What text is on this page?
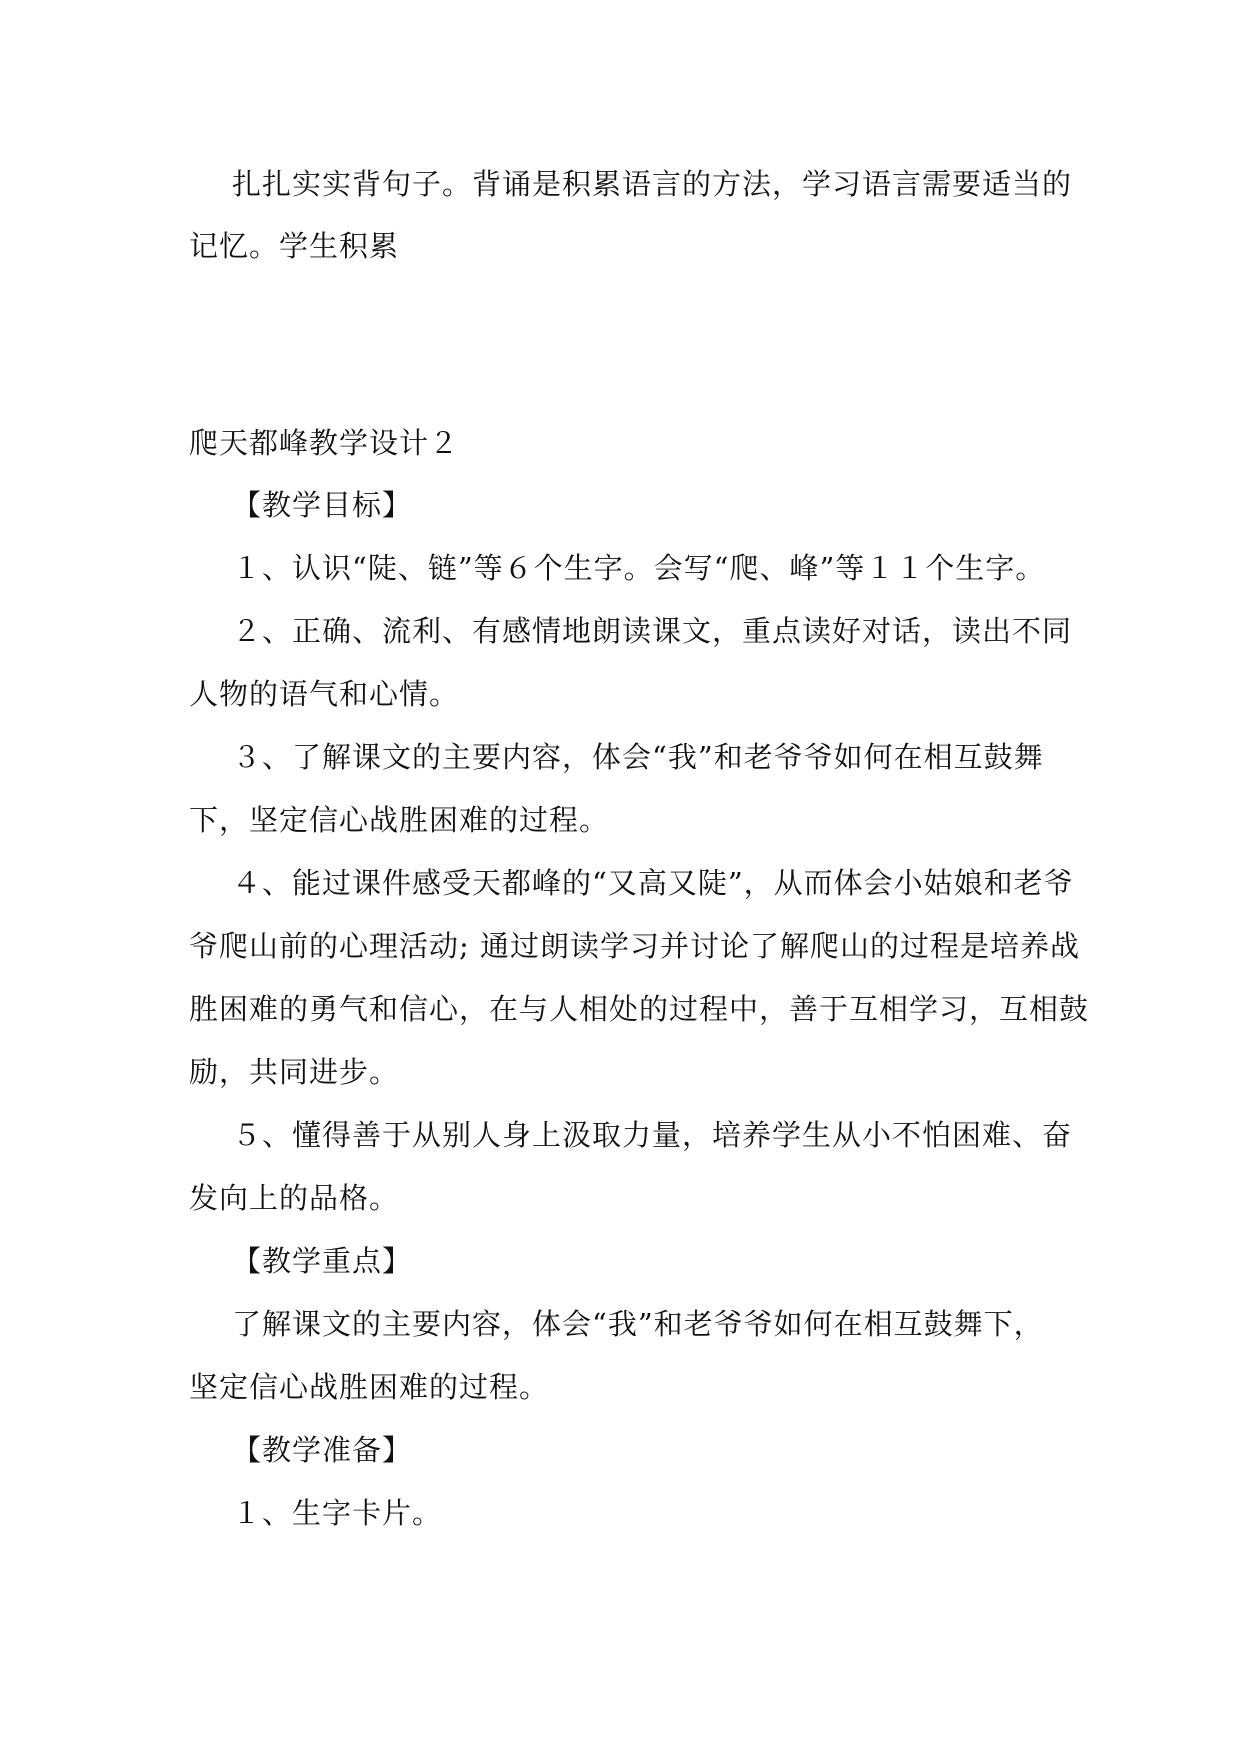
扎扎实实背句子。背诵是积累语言的方法，学习语言需要适当的
记忆。学生积累
爬天都峰教学设计２
【教学目标】
１、认识“陡、链”等６个生字。会写“爬、峰”等１１个生字。
２、正确、流利、有感情地朗读课文，重点读好对话，读出不同
人物的语气和心情。
３、了解课文的主要内容，体会“我”和老爷爷如何在相互鼓舞
下，坚定信心战胜困难的过程。
４、能过课件感受天都峰的“又高又陡”，从而体会小姑娘和老爷
爷爬山前的心理活动; 通过朗读学习并讨论了解爬山的过程是培养战
胜困难的勇气和信心，在与人相处的过程中，善于互相学习，互相鼓
励，共同进步。
５、懂得善于从别人身上汲取力量，培养学生从小不怕困难、奋
发向上的品格。
【教学重点】
了解课文的主要内容，体会“我”和老爷爷如何在相互鼓舞下，
坚定信心战胜困难的过程。
【教学准备】
１、生字卡片。
